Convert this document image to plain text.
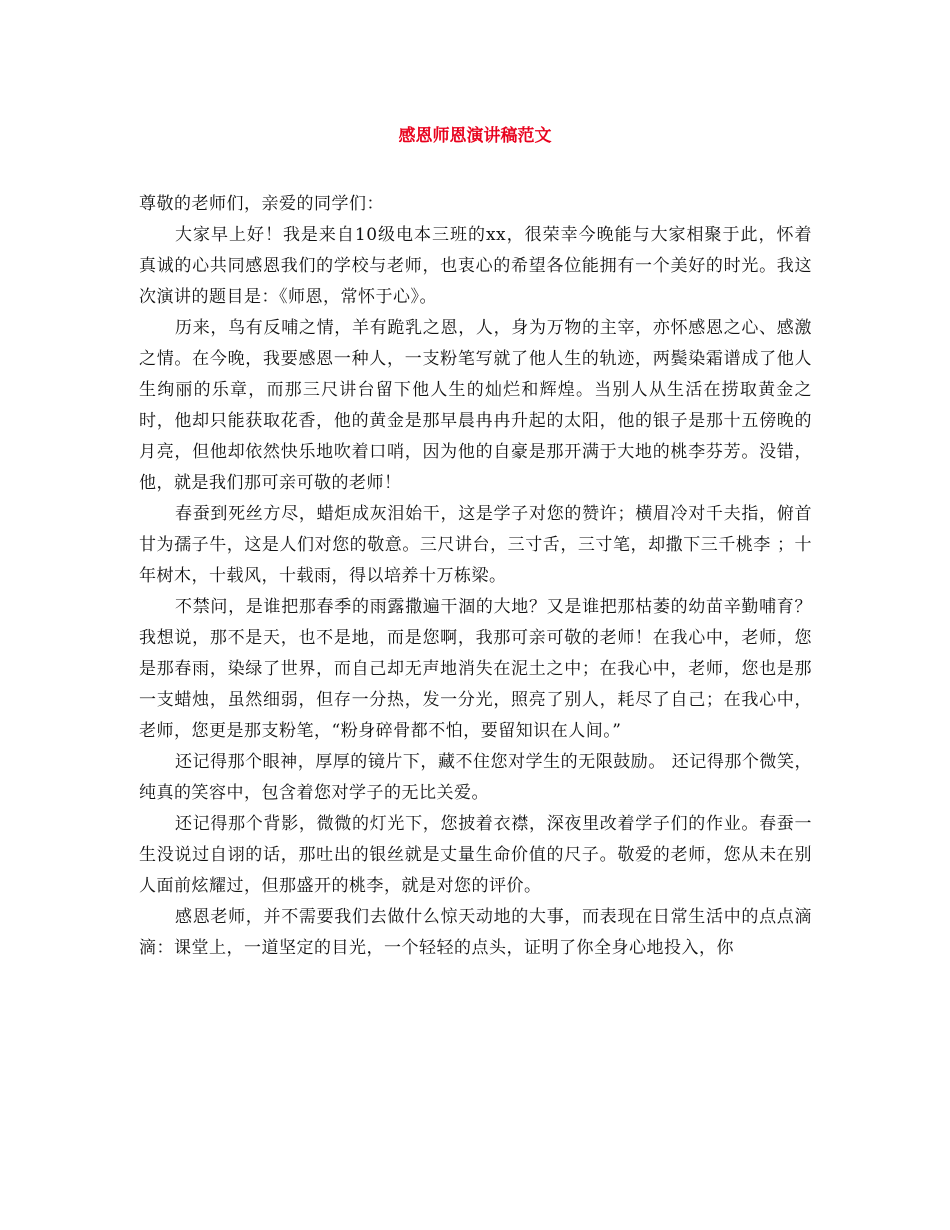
感恩师恩演讲稿范文

尊敬的老师们，亲爱的同学们：

大家早上好！我是来自10级电本三班的xx，很荣幸今晚能与大家相聚于此，怀着真诚的心共同感恩我们的学校与老师，也衷心的希望各位能拥有一个美好的时光。我这次演讲的题目是：《师恩，常怀于心》。

历来，鸟有反哺之情，羊有跪乳之恩，人，身为万物的主宰，亦怀感恩之心、感激之情。在今晚，我要感恩一种人，一支粉笔写就了他人生的轨迹，两鬓染霜谱成了他人生绚丽的乐章，而那三尺讲台留下他人生的灿烂和辉煌。当别人从生活在捞取黄金之时，他却只能获取花香，他的黄金是那早晨冉冉升起的太阳，他的银子是那十五傍晚的月亮，但他却依然快乐地吹着口哨，因为他的自豪是那开满于大地的桃李芬芳。没错，他，就是我们那可亲可敬的老师！

春蚕到死丝方尽，蜡炬成灰泪始干，这是学子对您的赞许；横眉冷对千夫指，俯首甘为孺子牛，这是人们对您的敬意。三尺讲台，三寸舌，三寸笔，却撒下三千桃李 ；十年树木，十载风，十载雨，得以培养十万栋梁。

不禁问，是谁把那春季的雨露撒遍干涸的大地？又是谁把那枯萎的幼苗辛勤哺育？我想说，那不是天，也不是地，而是您啊，我那可亲可敬的老师！在我心中，老师，您是那春雨，染绿了世界，而自己却无声地消失在泥土之中；在我心中，老师，您也是那一支蜡烛，虽然细弱，但存一分热，发一分光，照亮了别人，耗尽了自己；在我心中，老师，您更是那支粉笔，“粉身碎骨都不怕，要留知识在人间。”

还记得那个眼神，厚厚的镜片下，藏不住您对学生的无限鼓励。 还记得那个微笑，纯真的笑容中，包含着您对学子的无比关爱。

还记得那个背影，微微的灯光下，您披着衣襟，深夜里改着学子们的作业。春蚕一生没说过自诩的话，那吐出的银丝就是丈量生命价值的尺子。敬爱的老师，您从未在别人面前炫耀过，但那盛开的桃李，就是对您的评价。

感恩老师，并不需要我们去做什么惊天动地的大事，而表现在日常生活中的点点滴滴：课堂上，一道坚定的目光，一个轻轻的点头，证明了你全身心地投入，你
